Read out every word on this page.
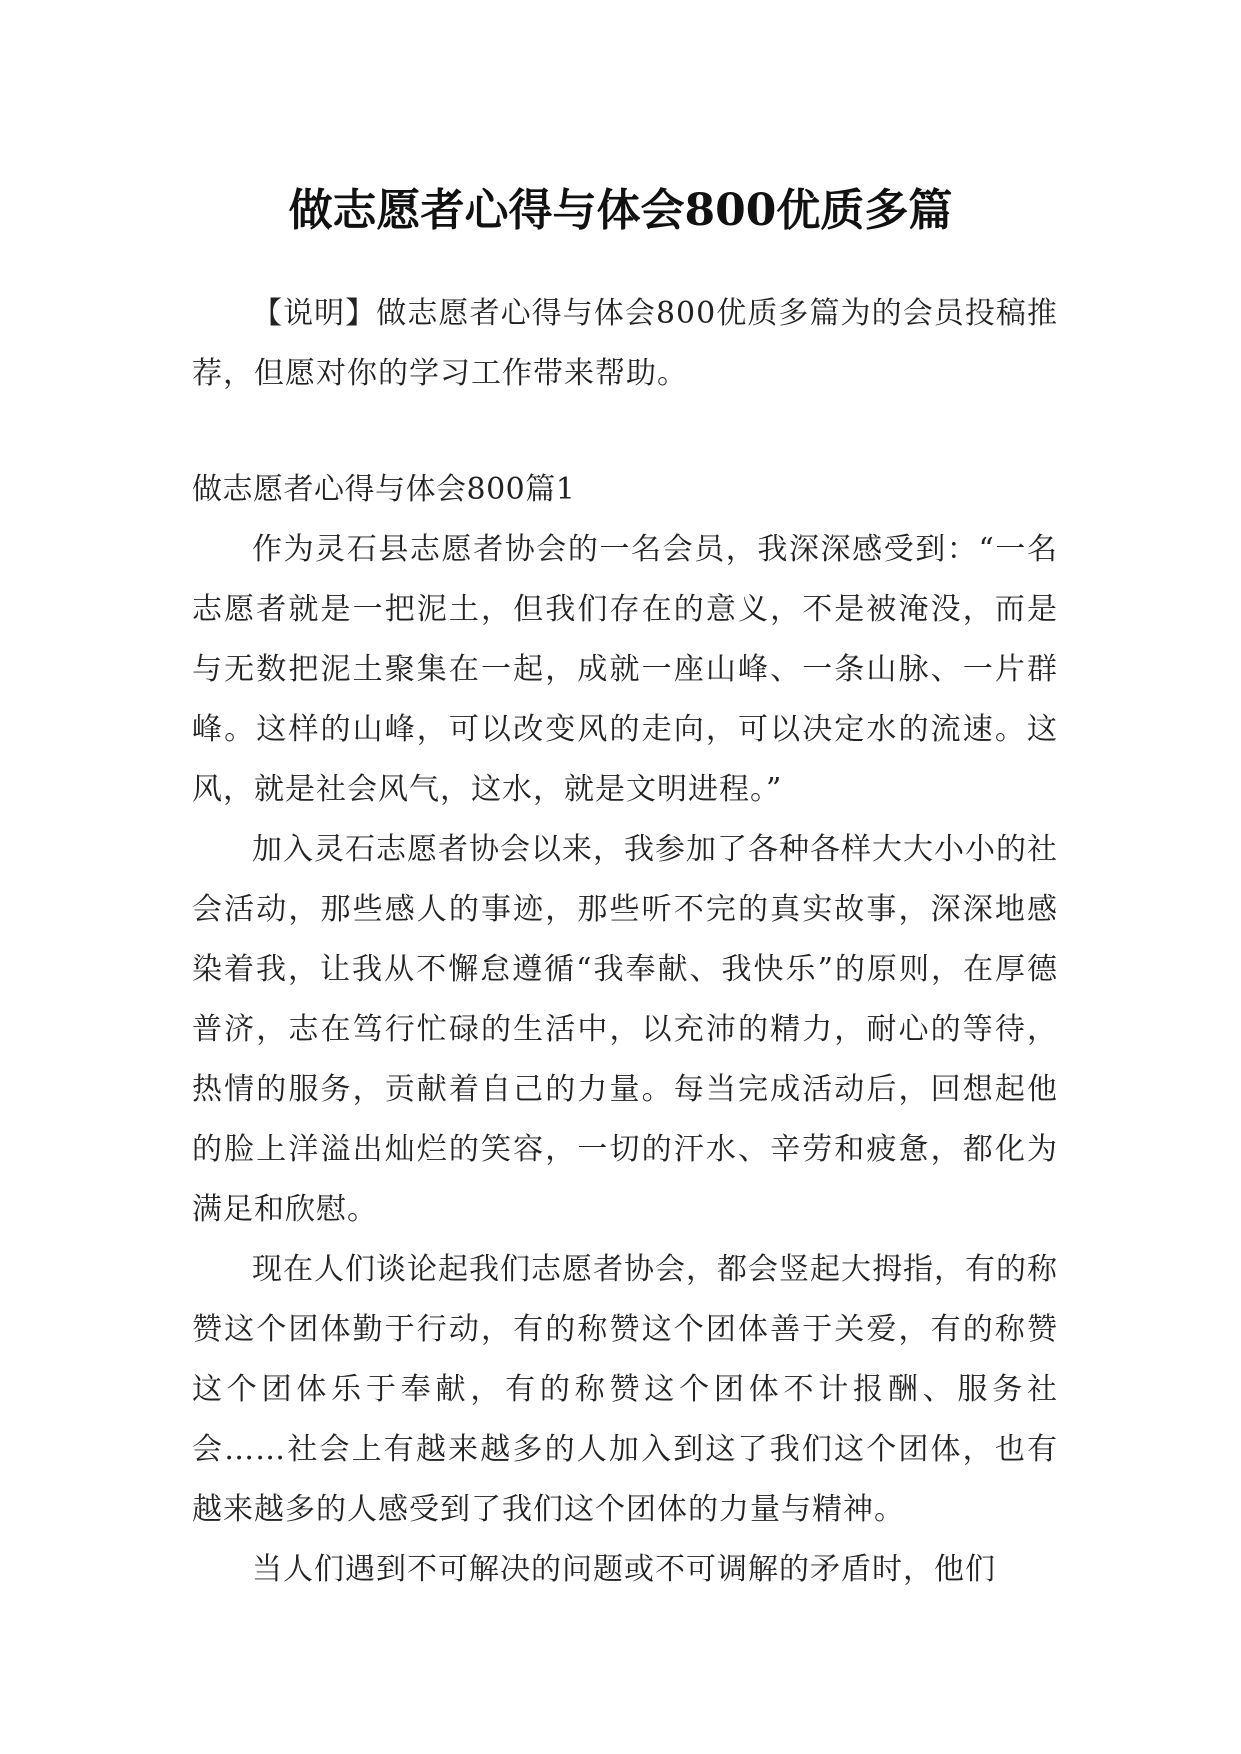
做志愿者心得与体会800优质多篇

【说明】做志愿者心得与体会800优质多篇为的会员投稿推荐，但愿对你的学习工作带来帮助。

做志愿者心得与体会800篇1

作为灵石县志愿者协会的一名会员，我深深感受到：“一名志愿者就是一把泥土，但我们存在的意义，不是被淹没，而是与无数把泥土聚集在一起，成就一座山峰、一条山脉、一片群峰。这样的山峰，可以改变风的走向，可以决定水的流速。这风，就是社会风气，这水，就是文明进程。”

加入灵石志愿者协会以来，我参加了各种各样大大小小的社会活动，那些感人的事迹，那些听不完的真实故事，深深地感染着我，让我从不懈怠遵循“我奉献、我快乐”的原则，在厚德普济，志在笃行忙碌的生活中，以充沛的精力，耐心的等待，热情的服务，贡献着自己的力量。每当完成活动后，回想起他的脸上洋溢出灿烂的笑容，一切的汗水、辛劳和疲惫，都化为满足和欣慰。

现在人们谈论起我们志愿者协会，都会竖起大拇指，有的称赞这个团体勤于行动，有的称赞这个团体善于关爱，有的称赞这个团体乐于奉献，有的称赞这个团体不计报酬、服务社会……社会上有越来越多的人加入到这了我们这个团体，也有越来越多的人感受到了我们这个团体的力量与精神。

当人们遇到不可解决的问题或不可调解的矛盾时，他们
